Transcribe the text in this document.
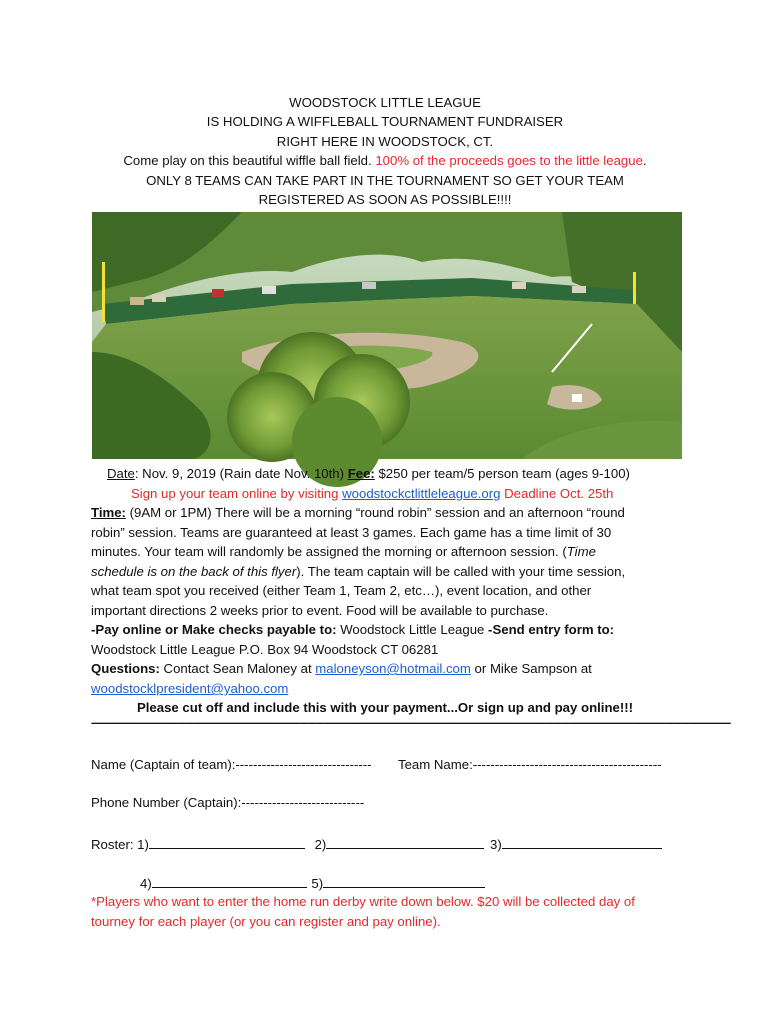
WOODSTOCK LITTLE LEAGUE
IS HOLDING A WIFFLEBALL TOURNAMENT FUNDRAISER
RIGHT HERE IN WOODSTOCK, CT.
Come play on this beautiful wiffle ball field. 100% of the proceeds goes to the little league.
ONLY 8 TEAMS CAN TAKE PART IN THE TOURNAMENT SO GET YOUR TEAM
REGISTERED AS SOON AS POSSIBLE!!!!
Date: Nov. 9, 2019 (Rain date Nov. 10th) Fee: $250 per team/5 person team (ages 9-100)
Sign up your team online by visiting woodstockctlittleleague.org Deadline Oct. 25th
Time: (9AM or 1PM) There will be a morning “round robin” session and an afternoon “round
robin” session. Teams are guaranteed at least 3 games. Each game has a time limit of 30
minutes. Your team will randomly be assigned the morning or afternoon session. (Time
schedule is on the back of this flyer). The team captain will be called with your time session,
what team spot you received (either Team 1, Team 2, etc…), event location, and other
important directions 2 weeks prior to event. Food will be available to purchase.
-Pay online or Make checks payable to: Woodstock Little League -Send entry form to:
Woodstock Little League P.O. Box 94 Woodstock CT 06281
Questions: Contact Sean Maloney at maloneyson@hotmail.com or Mike Sampson at
woodstocklpresident@yahoo.com
Please cut off and include this with your payment...Or sign up and pay online!!!
------------------------------------------------------------------------------------------------------------------------------------------------------------------------------------------------------------------------------------------------
Name (Captain of team):------------------------------- Team Name:-------------------------------------------
Phone Number (Captain):----------------------------
Roster: 1)	2)	3)
4)	5)
*Players who want to enter the home run derby write down below. $20 will be collected day of
tourney for each player (or you can register and pay online).
